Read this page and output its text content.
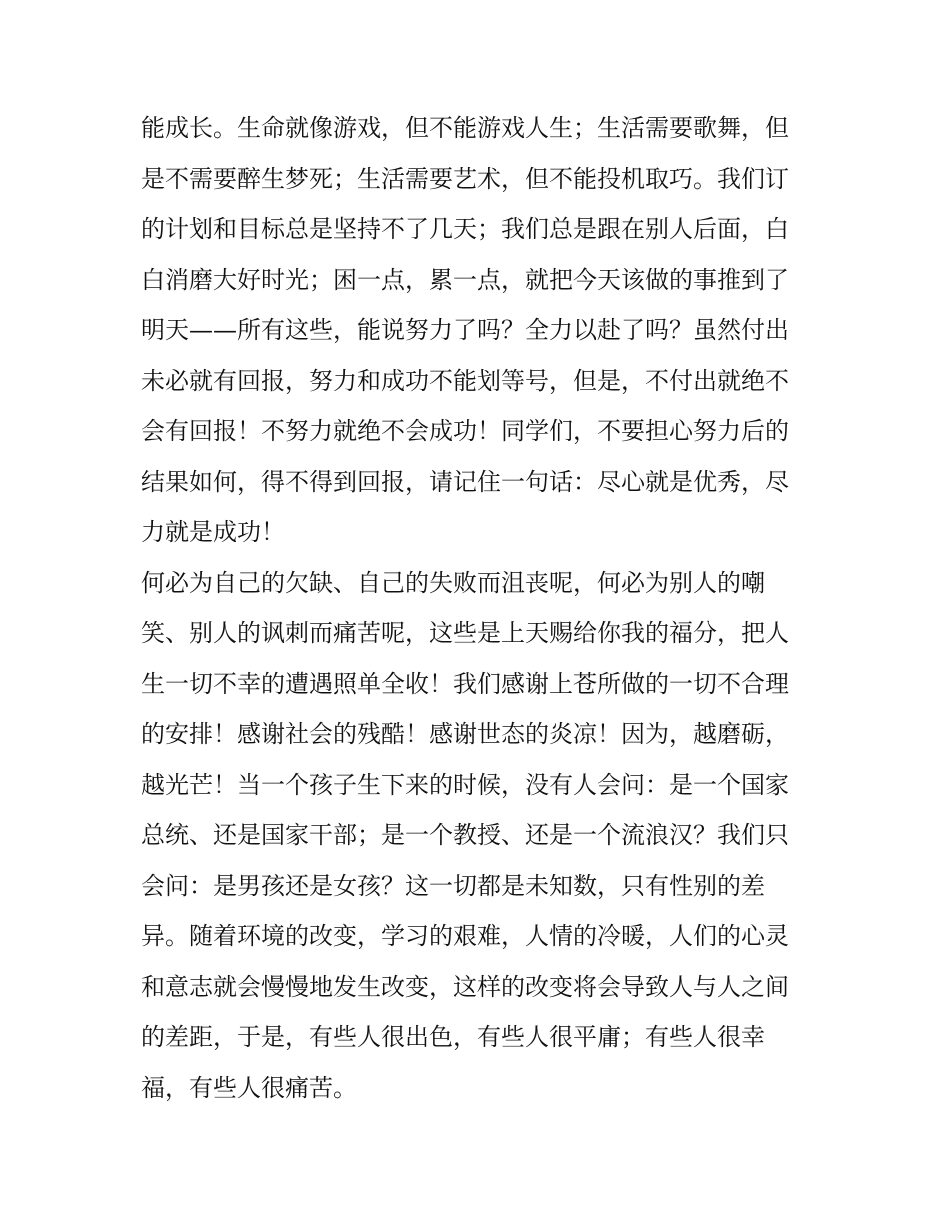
能成长。生命就像游戏，但不能游戏人生；生活需要歌舞，但
是不需要醉生梦死；生活需要艺术，但不能投机取巧。我们订
的计划和目标总是坚持不了几天；我们总是跟在别人后面，白
白消磨大好时光；困一点，累一点，就把今天该做的事推到了
明天——所有这些，能说努力了吗？全力以赴了吗？虽然付出
未必就有回报，努力和成功不能划等号，但是，不付出就绝不
会有回报！不努力就绝不会成功！同学们，不要担心努力后的
结果如何，得不得到回报，请记住一句话：尽心就是优秀，尽
力就是成功！
何必为自己的欠缺、自己的失败而沮丧呢，何必为别人的嘲
笑、别人的讽刺而痛苦呢，这些是上天赐给你我的福分，把人
生一切不幸的遭遇照单全收！我们感谢上苍所做的一切不合理
的安排！感谢社会的残酷！感谢世态的炎凉！因为，越磨砺，
越光芒！当一个孩子生下来的时候，没有人会问：是一个国家
总统、还是国家干部；是一个教授、还是一个流浪汉？我们只
会问：是男孩还是女孩？这一切都是未知数，只有性别的差
异。随着环境的改变，学习的艰难，人情的冷暖，人们的心灵
和意志就会慢慢地发生改变，这样的改变将会导致人与人之间
的差距，于是，有些人很出色，有些人很平庸；有些人很幸
福，有些人很痛苦。
